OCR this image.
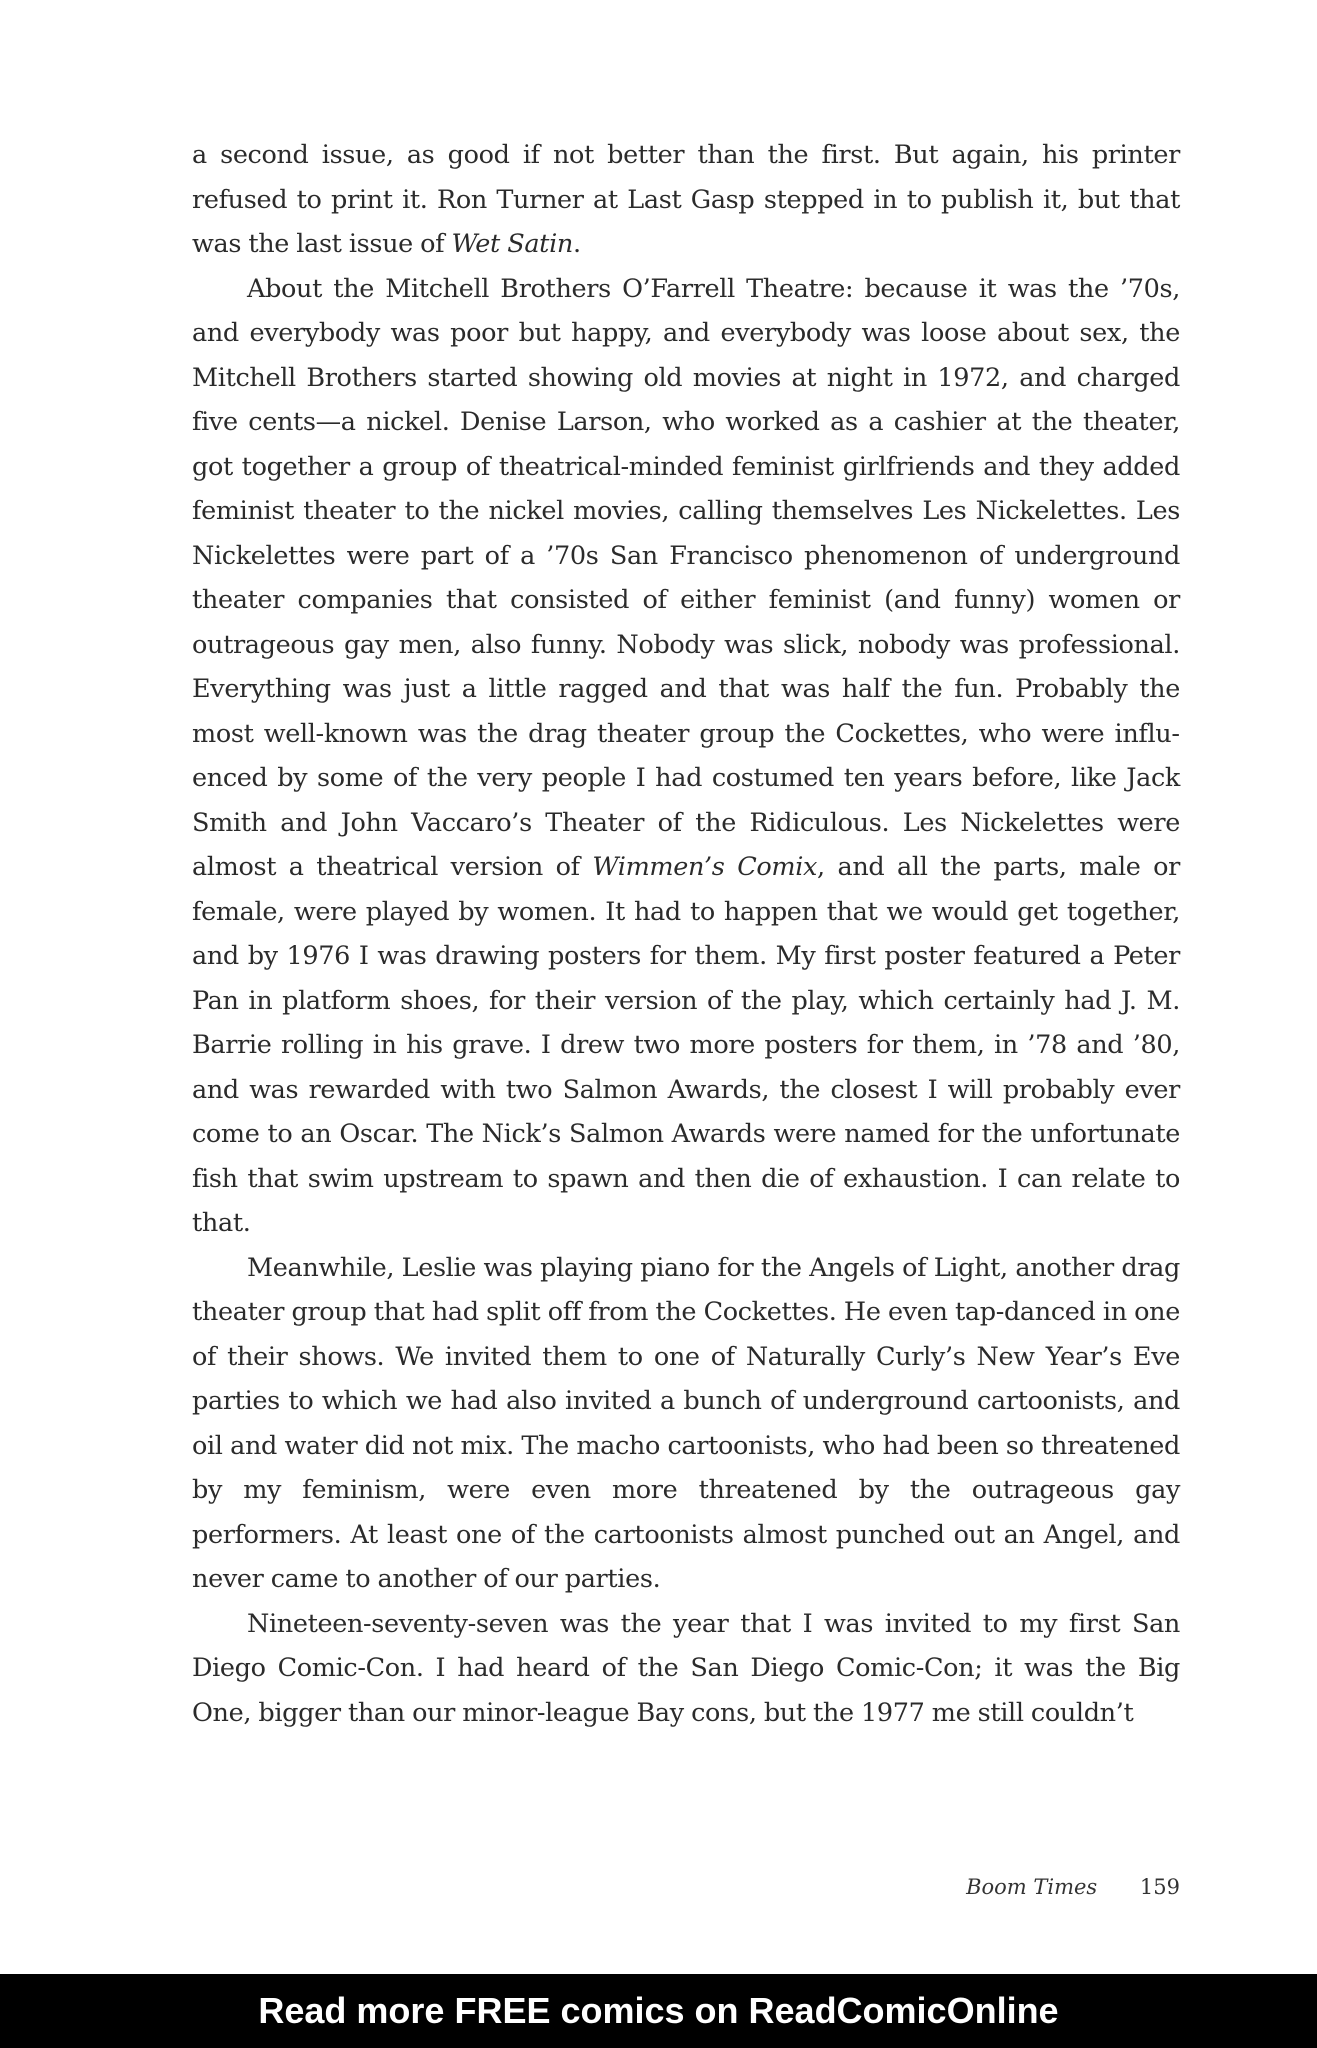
a second issue, as good if not better than the first. But again, his printer refused to print it. Ron Turner at Last Gasp stepped in to publish it, but that was the last issue of Wet Satin.

About the Mitchell Brothers O’Farrell Theatre: because it was the ’70s, and everybody was poor but happy, and everybody was loose about sex, the Mitchell Brothers started showing old movies at night in 1972, and charged five cents—a nickel. Denise Larson, who worked as a cashier at the theater, got together a group of theatrical-minded feminist girlfriends and they added feminist theater to the nickel movies, calling themselves Les Nickelettes. Les Nickelettes were part of a ’70s San Francisco phenomenon of underground theater companies that consisted of either feminist (and funny) women or outrageous gay men, also funny. Nobody was slick, nobody was professional. Everything was just a little ragged and that was half the fun. Probably the most well-known was the drag theater group the Cockettes, who were influenced by some of the very people I had costumed ten years before, like Jack Smith and John Vaccaro’s Theater of the Ridiculous. Les Nickelettes were almost a theatrical version of Wimmen’s Comix, and all the parts, male or female, were played by women. It had to happen that we would get together, and by 1976 I was drawing posters for them. My first poster featured a Peter Pan in platform shoes, for their version of the play, which certainly had J. M. Barrie rolling in his grave. I drew two more posters for them, in ’78 and ’80, and was rewarded with two Salmon Awards, the closest I will probably ever come to an Oscar. The Nick’s Salmon Awards were named for the unfortunate fish that swim upstream to spawn and then die of exhaustion. I can relate to that.

Meanwhile, Leslie was playing piano for the Angels of Light, another drag theater group that had split off from the Cockettes. He even tap-danced in one of their shows. We invited them to one of Naturally Curly’s New Year’s Eve parties to which we had also invited a bunch of underground cartoonists, and oil and water did not mix. The macho cartoonists, who had been so threatened by my feminism, were even more threatened by the outrageous gay performers. At least one of the cartoonists almost punched out an Angel, and never came to another of our parties.

Nineteen-seventy-seven was the year that I was invited to my first San Diego Comic-Con. I had heard of the San Diego Comic-Con; it was the Big One, bigger than our minor-league Bay cons, but the 1977 me still couldn’t

Boom Times 159
Read more FREE comics on ReadComicOnline
